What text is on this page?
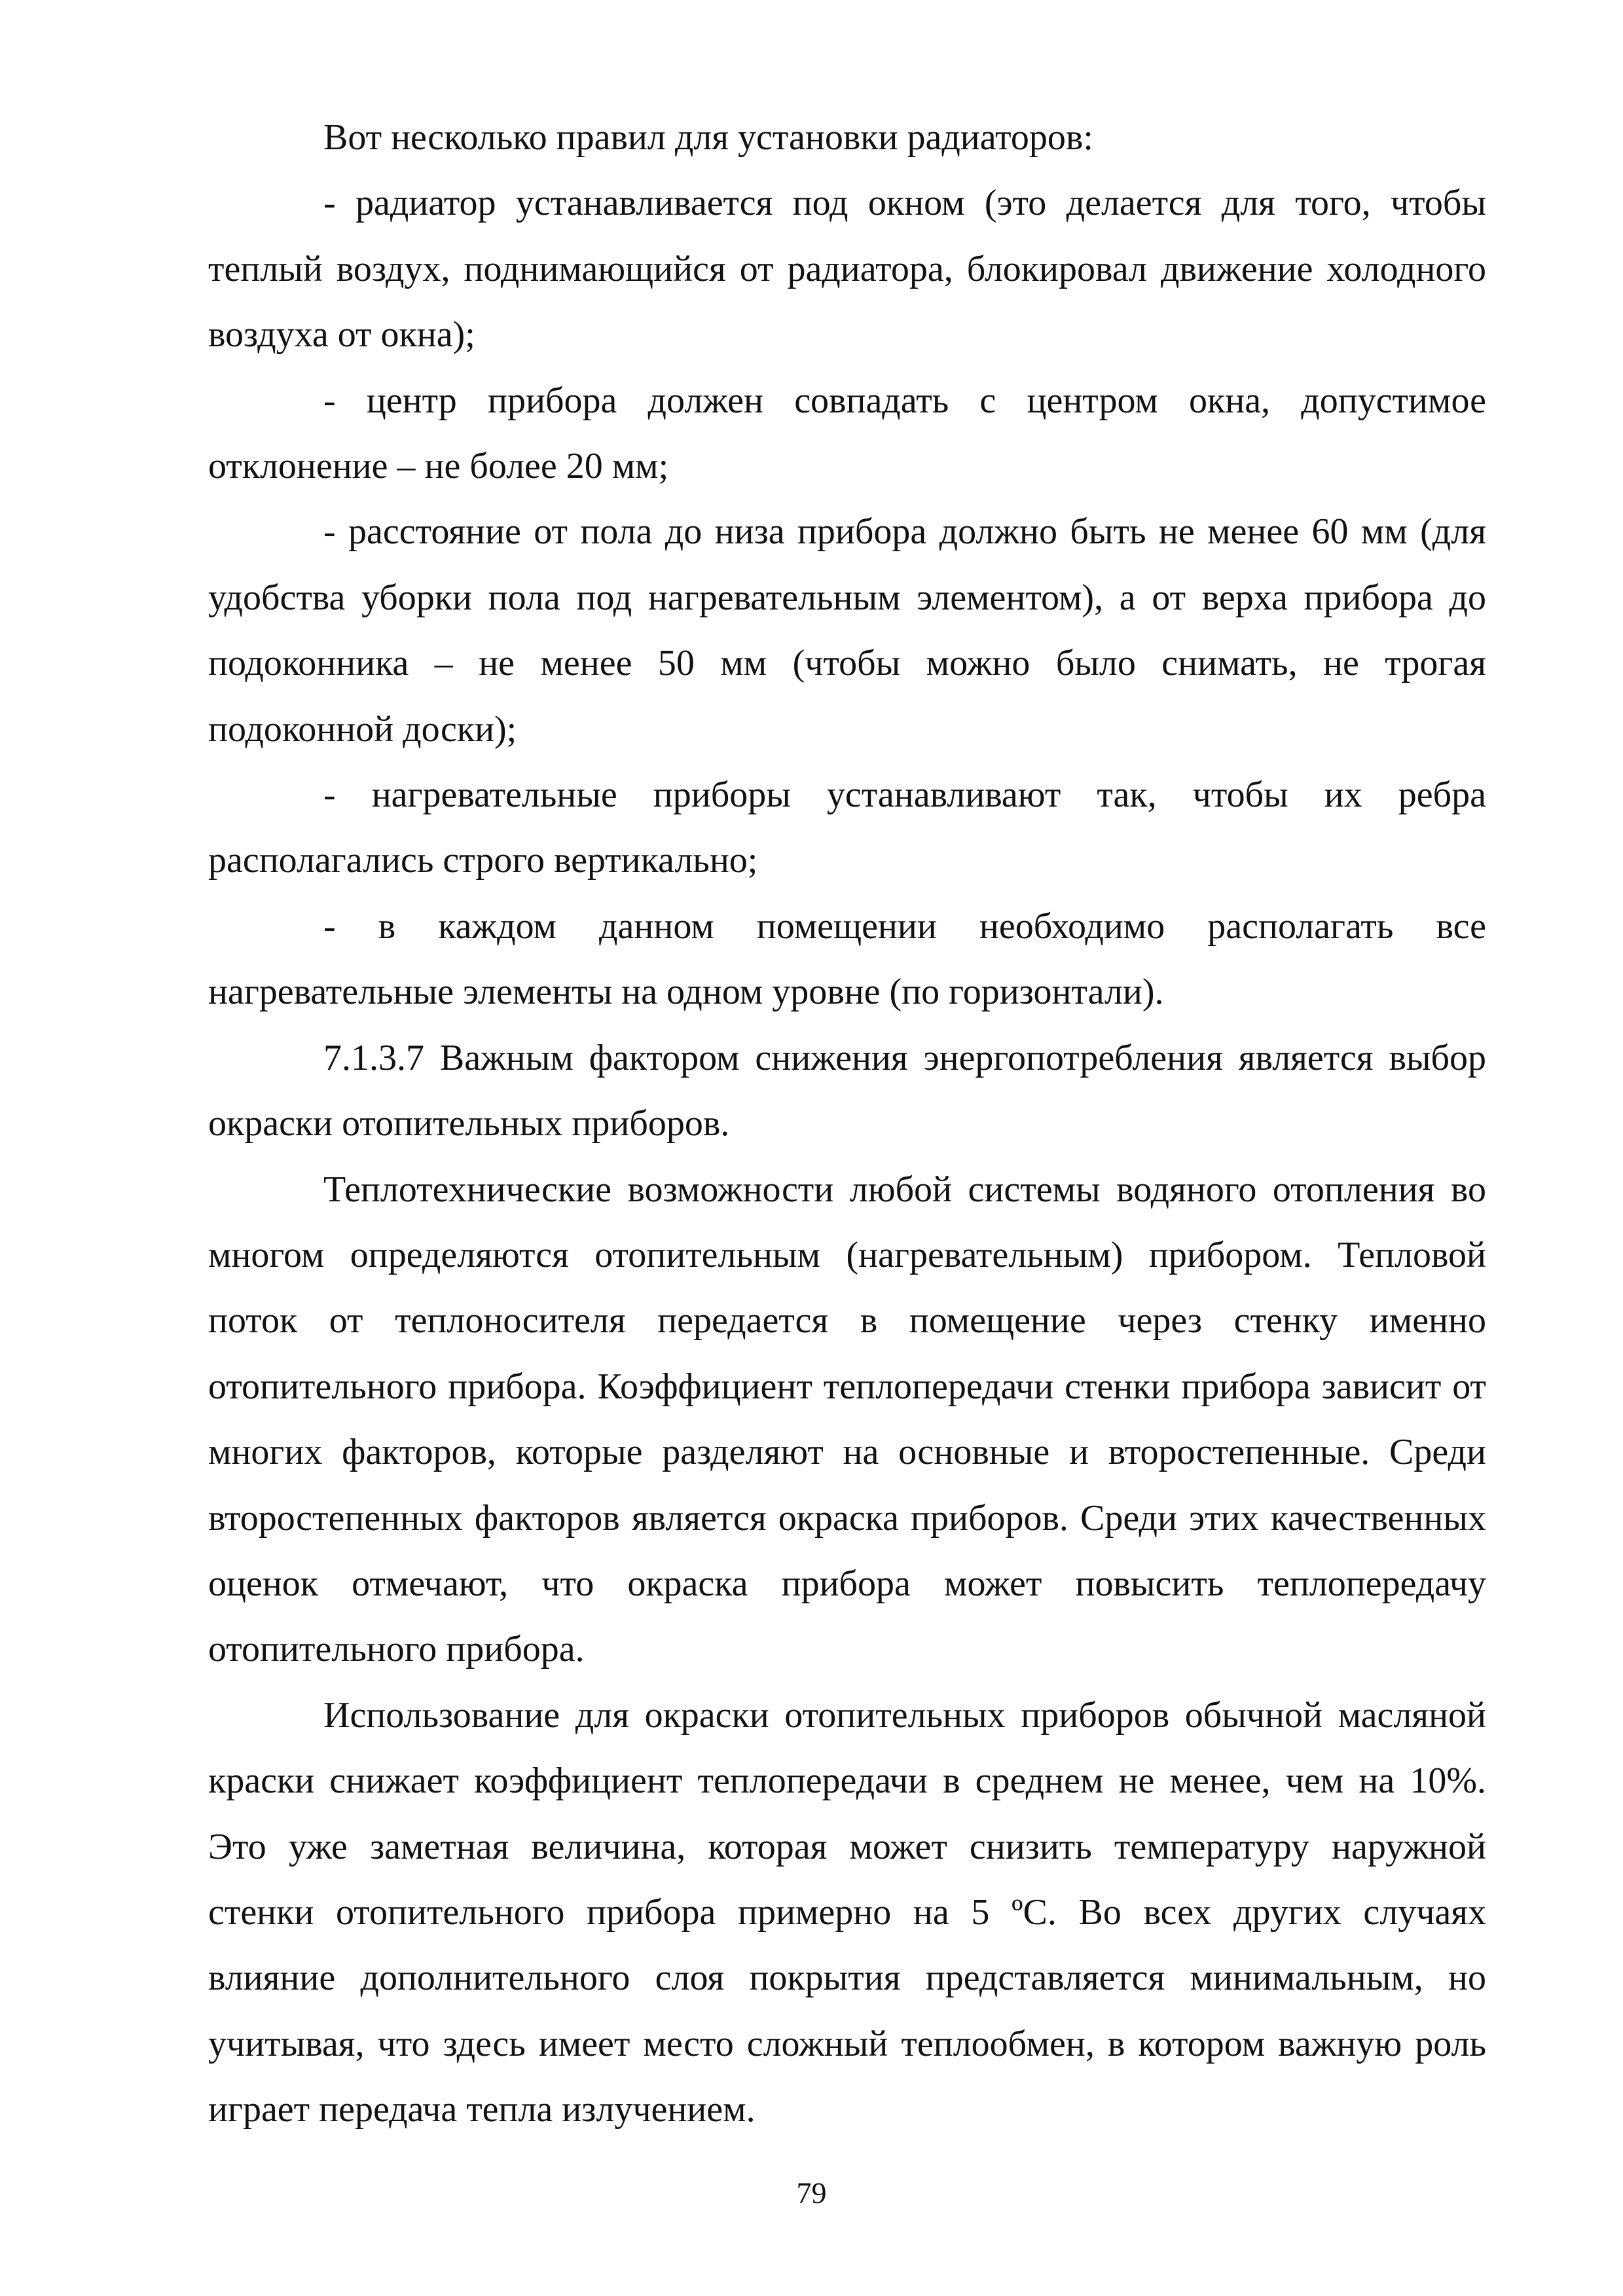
Вот несколько правил для установки радиаторов:

- радиатор устанавливается под окном (это делается для того, чтобы теплый воздух, поднимающийся от радиатора, блокировал движение холодного воздуха от окна);

- центр прибора должен совпадать с центром окна, допустимое отклонение – не более 20 мм;

- расстояние от пола до низа прибора должно быть не менее 60 мм (для удобства уборки пола под нагревательным элементом), а от верха прибора до подоконника – не менее 50 мм (чтобы можно было снимать, не трогая подоконной доски);

- нагревательные приборы устанавливают так, чтобы их ребра располагались строго вертикально;

- в каждом данном помещении необходимо располагать все нагревательные элементы на одном уровне (по горизонтали).

7.1.3.7 Важным фактором снижения энергопотребления является выбор окраски отопительных приборов.

Теплотехнические возможности любой системы водяного отопления во многом определяются отопительным (нагревательным) прибором. Тепловой поток от теплоносителя передается в помещение через стенку именно отопительного прибора. Коэффициент теплопередачи стенки прибора зависит от многих факторов, которые разделяют на основные и второстепенные. Среди второстепенных факторов является окраска приборов. Среди этих качественных оценок отмечают, что окраска прибора может повысить теплопередачу отопительного прибора.

Использование для окраски отопительных приборов обычной масляной краски снижает коэффициент теплопередачи в среднем не менее, чем на 10%. Это уже заметная величина, которая может снизить температуру наружной стенки отопительного прибора примерно на 5 ºС. Во всех других случаях влияние дополнительного слоя покрытия представляется минимальным, но учитывая, что здесь имеет место сложный теплообмен, в котором важную роль играет передача тепла излучением.

79
